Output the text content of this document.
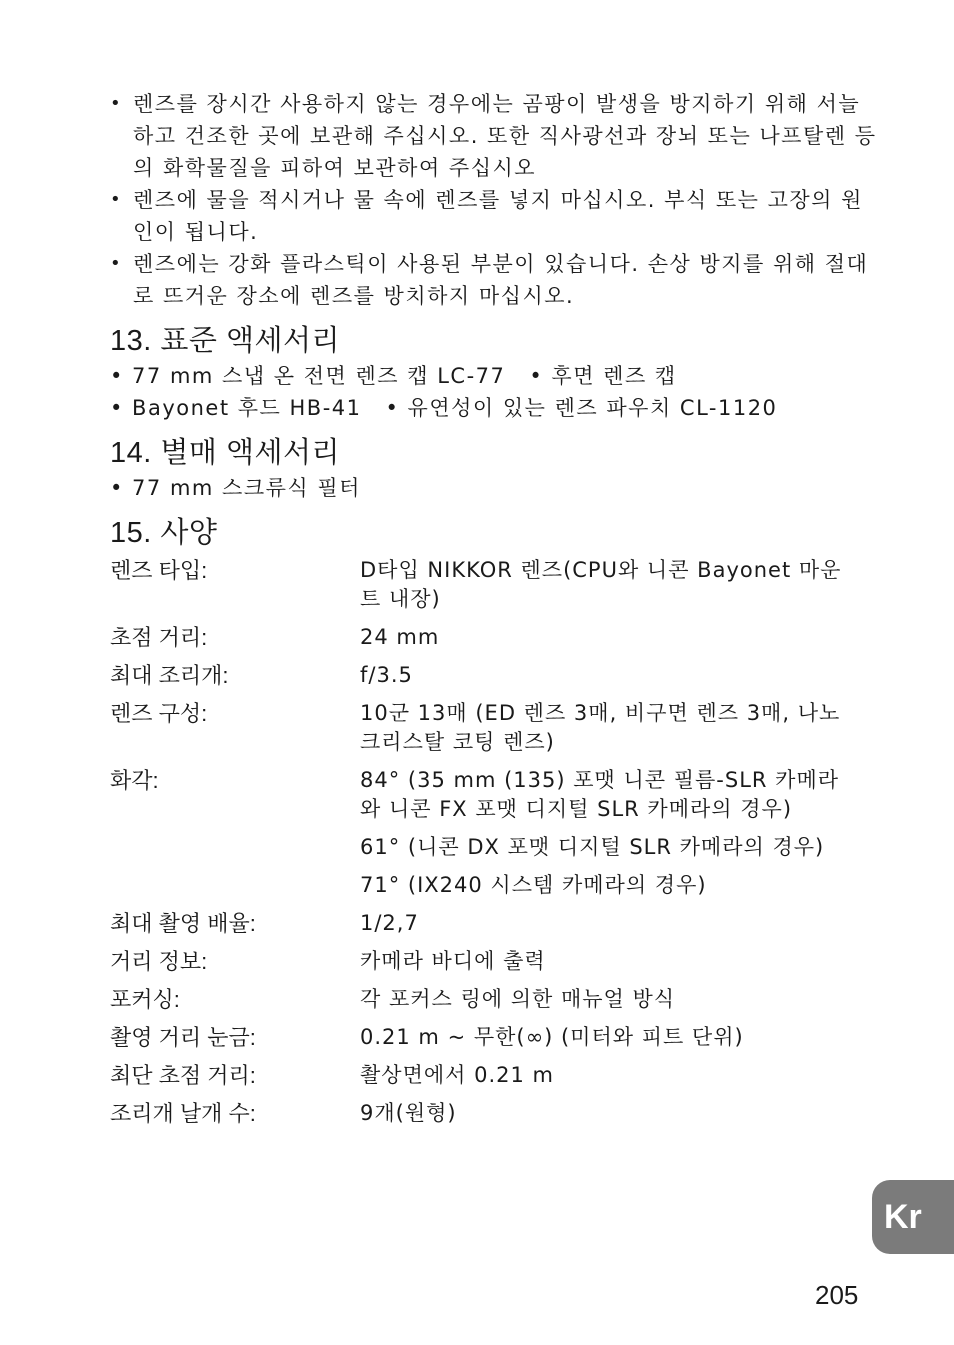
• 렌즈를 장시간 사용하지 않는 경우에는 곰팡이 발생을 방지하기 위해 서늘하고 건조한 곳에 보관해 주십시오. 또한 직사광선과 장뇌 또는 나프탈렌 등의 화학물질을 피하여 보관하여 주십시오
• 렌즈에 물을 적시거나 물 속에 렌즈를 넣지 마십시오. 부식 또는 고장의 원인이 됩니다.
• 렌즈에는 강화 플라스틱이 사용된 부분이 있습니다. 손상 방지를 위해 절대로 뜨거운 장소에 렌즈를 방치하지 마십시오.
13. 표준 액세서리
• 77 mm 스냅 온 전면 렌즈 캡 LC-77 • 후면 렌즈 캡
• Bayonet 후드 HB-41 • 유연성이 있는 렌즈 파우치 CL-1120
14. 별매 액세서리
• 77 mm 스크류식 필터
15. 사양
렌즈 타입:	D타입 NIKKOR 렌즈(CPU와 니콘 Bayonet 마운트 내장)
초점 거리:	24 mm
최대 조리개:	f/3.5
렌즈 구성:	10군 13매 (ED 렌즈 3매, 비구면 렌즈 3매, 나노 크리스탈 코팅 렌즈)
화각:	84° (35 mm (135) 포맷 니콘 필름-SLR 카메라와 니콘 FX 포맷 디지털 SLR 카메라의 경우)
61° (니콘 DX 포맷 디지털 SLR 카메라의 경우)
71° (IX240 시스템 카메라의 경우)
최대 촬영 배율:	1/2,7
거리 정보:	카메라 바디에 출력
포커싱:	각 포커스 링에 의한 매뉴얼 방식
촬영 거리 눈금:	0.21 m ~ 무한(∞) (미터와 피트 단위)
최단 초점 거리:	촬상면에서 0.21 m
조리개 날개 수:	9개(원형)
Kr
205
